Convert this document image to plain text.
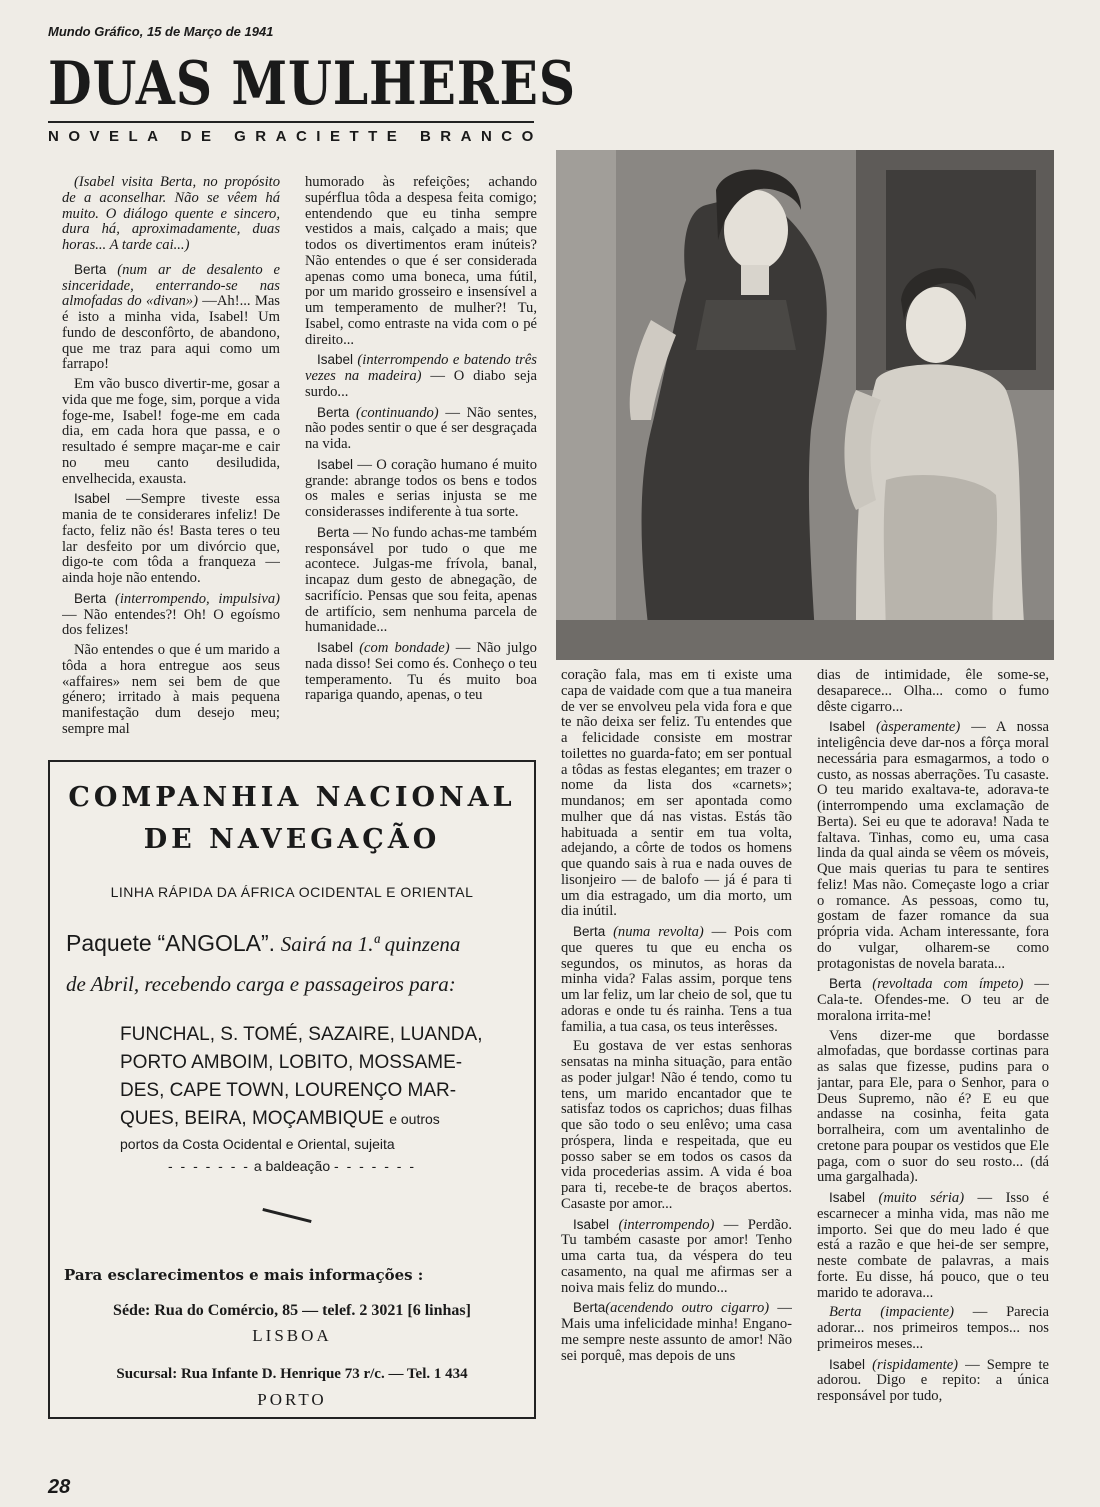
Mundo Gráfico, 15 de Março de 1941
DUAS MULHERES
NOVELA DE GRACIETTE BRANCO

(Isabel visita Berta, no propósito de a aconselhar. Não se vêem há muito. O diálogo quente e sincero, dura há, aproximadamente, duas horas... A tarde cai...)

Berta (num ar de desalento e sinceridade, enterrando-se nas almofadas do «divan») —Ah!... Mas é isto a minha vida, Isabel! Um fundo de desconfôrto, de abandono, que me traz para aqui como um farrapo!

Em vão busco divertir-me, gosar a vida que me foge, sim, porque a vida foge-me, Isabel! foge-me em cada dia, em cada hora que passa, e o resultado é sempre maçar-me e cair no meu canto desiludida, envelhecida, exausta.

Isabel —Sempre tiveste essa mania de te considerares infeliz! De facto, feliz não és! Basta teres o teu lar desfeito por um divórcio que, digo-te com tôda a franqueza — ainda hoje não entendo.

Berta (interrompendo, impulsiva)— Não entendes?! Oh! O egoísmo dos felizes!

Não entendes o que é um marido a tôda a hora entregue aos seus «affaires» nem sei bem de que género; irritado à mais pequena manifestação dum desejo meu; sempre mal

humorado às refeições; achando supérflua tôda a despesa feita comigo; entendendo que eu tinha sempre vestidos a mais, calçado a mais; que todos os divertimentos eram inúteis? Não entendes o que é ser considerada apenas como uma boneca, uma fútil, por um marido grosseiro e insensível a um temperamento de mulher?! Tu, Isabel, como entraste na vida com o pé direito...

Isabel (interrompendo e batendo três vezes na madeira) — O diabo seja surdo...

Berta (continuando) — Não sentes, não podes sentir o que é ser desgraçada na vida.

Isabel — O coração humano é muito grande: abrange todos os bens e todos os males e serias injusta se me considerasses indiferente à tua sorte.

Berta — No fundo achas-me também responsável por tudo o que me acontece. Julgas-me frívola, banal, incapaz dum gesto de abnegação, de sacrifício. Pensas que sou feita, apenas de artifício, sem nenhuma parcela de humanidade...

Isabel (com bondade) — Não julgo nada disso! Sei como és. Conheço o teu temperamento. Tu és muito boa rapariga quando, apenas, o teu

coração fala, mas em ti existe uma capa de vaidade com que a tua maneira de ver se envolveu pela vida fora e que te não deixa ser feliz. Tu entendes que a felicidade consiste em mostrar toilettes no guarda-fato; em ser pontual a tôdas as festas elegantes; em trazer o nome da lista dos «carnets»; mundanos; em ser apontada como mulher que dá nas vistas. Estás tão habituada a sentir em tua volta, adejando, a côrte de todos os homens que quando sais à rua e nada ouves de lisonjeiro — de balofo — já é para ti um dia estragado, um dia morto, um dia inútil.

Berta (numa revolta) — Pois com que queres tu que eu encha os segundos, os minutos, as horas da minha vida? Falas assim, porque tens um lar feliz, um lar cheio de sol, que tu adoras e onde tu és rainha. Tens a tua familia, a tua casa, os teus interêsses.

Eu gostava de ver estas senhoras sensatas na minha situação, para então as poder julgar! Não é tendo, como tu tens, um marido encantador que te satisfaz todos os caprichos; duas filhas que são todo o seu enlêvo; uma casa próspera, linda e respeitada, que eu posso saber se em todos os casos da vida procederias assim. A vida é boa para ti, recebe-te de braços abertos. Casaste por amor...

Isabel (interrompendo) — Perdão. Tu também casaste por amor! Tenho uma carta tua, da véspera do teu casamento, na qual me afirmas ser a noiva mais feliz do mundo...

Berta(acendendo outro cigarro) — Mais uma infelicidade minha! Engano-me sempre neste assunto de amor! Não sei porquê, mas depois de uns

dias de intimidade, êle some-se, desaparece... Olha... como o fumo dêste cigarro...

Isabel (àsperamente) — A nossa inteligência deve dar-nos a fôrça moral necessária para esmagarmos, a todo o custo, as nossas aberrações. Tu casaste. O teu marido exaltava-te, adorava-te (interrompendo uma exclamação de Berta). Sei eu que te adorava! Nada te faltava. Tinhas, como eu, uma casa linda da qual ainda se vêem os móveis, Que mais querias tu para te sentires feliz! Mas não. Começaste logo a criar o romance. As pessoas, como tu, gostam de fazer romance da sua própria vida. Acham interessante, fora do vulgar, olharem-se como protagonistas de novela barata...

Berta (revoltada com ímpeto) — Cala-te. Ofendes-me. O teu ar de moralona irrita-me!

Vens dizer-me que bordasse almofadas, que bordasse cortinas para as salas que fizesse, pudins para o jantar, para Ele, para o Senhor, para o Deus Supremo, não é? E eu que andasse na cosinha, feita gata borralheira, com um aventalinho de cretone para poupar os vestidos que Ele paga, com o suor do seu rosto... (dá uma gargalhada).

Isabel (muito séria) — Isso é escarnecer a minha vida, mas não me importo. Sei que do meu lado é que está a razão e que hei-de ser sempre, neste combate de palavras, a mais forte. Eu disse, há pouco, que o teu marido te adorava...

Berta (impaciente) — Parecia adorar... nos primeiros tempos... nos primeiros meses...

Isabel (rispidamente) — Sempre te adorou. Digo e repito: a única responsável por tudo,

COMPANHIA NACIONAL
DE NAVEGAÇÃO
LINHA RÁPIDA DA ÁFRICA OCIDENTAL E ORIENTAL
Paquete “ANGOLA”. Sairá na 1.ª quinzena
de Abril, recebendo carga e passageiros para:
FUNCHAL, S. TOMÉ, SAZAIRE, LUANDA,
PORTO AMBOIM, LOBITO, MOSSAME-
DES, CAPE TOWN, LOURENÇO MAR-
QUES, BEIRA, MOÇAMBIQUE e outros
portos da Costa Ocidental e Oriental, sujeita
- - - - - - - a baldeação - - - - - - -
Para esclarecimentos e mais informações :
Séde: Rua do Comércio, 85 — telef. 2 3021 [6 linhas]
LISBOA
Sucursal: Rua Infante D. Henrique 73 r/c. — Tel. 1 434
PORTO
28
